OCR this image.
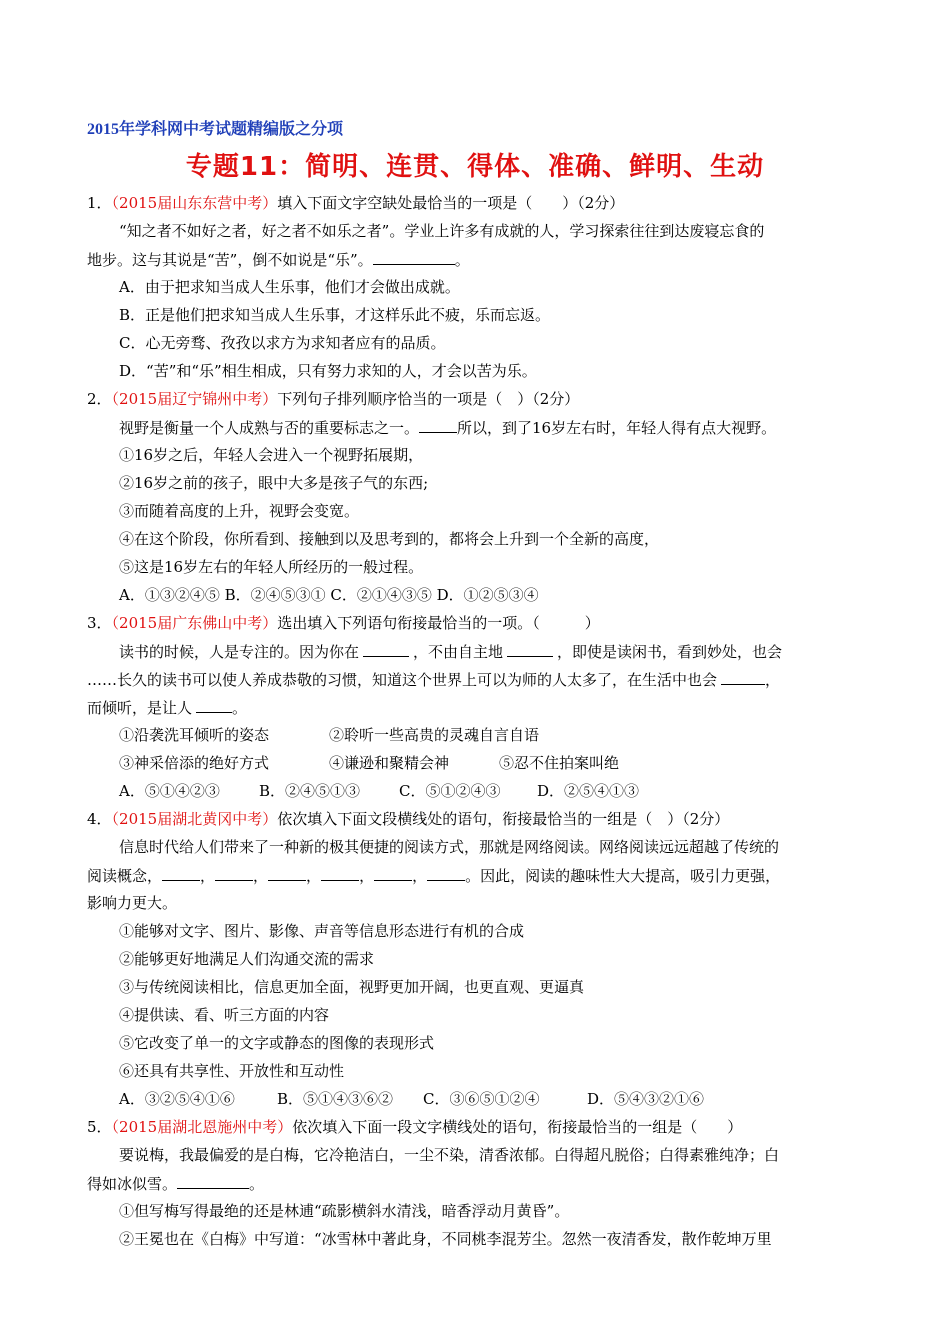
2015年学科网中考试题精编版之分项
专题11：简明、连贯、得体、准确、鲜明、生动
1．（2015届山东东营中考）填入下面文字空缺处最恰当的一项是（　　）（2分）
“知之者不如好之者，好之者不如乐之者”。学业上许多有成就的人，学习探索往往到达废寝忘食的
地步。这与其说是“苦”，倒不如说是“乐”。	。
A．由于把求知当成人生乐事，他们才会做出成就。
B．正是他们把求知当成人生乐事，才这样乐此不疲，乐而忘返。
C．心无旁骛、孜孜以求方为求知者应有的品质。
D．“苦”和“乐”相生相成，只有努力求知的人，才会以苦为乐。
2．（2015届辽宁锦州中考）下列句子排列顺序恰当的一项是（　）（2分）
视野是衡量一个人成熟与否的重要标志之一。	所以，到了16岁左右时，年轻人得有点大视野。
①16岁之后，年轻人会进入一个视野拓展期，
②16岁之前的孩子，眼中大多是孩子气的东西;
③而随着高度的上升，视野会变宽。
④在这个阶段，你所看到、接触到以及思考到的，都将会上升到一个全新的高度，
⑤这是16岁左右的年轻人所经历的一般过程。
A．①③②④⑤ B．②④⑤③① C．②①④③⑤ D．①②⑤③④
3．（2015届广东佛山中考）选出填入下列语句衔接最恰当的一项。（　　　）
读书的时候，人是专注的。因为你在	，不由自主地	，即使是读闲书，看到妙处，也会
……长久的读书可以使人养成恭敬的习惯，知道这个世界上可以为师的人太多了，在生活中也会	，
而倾听，是让人	。
①沿袭洗耳倾听的姿态	②聆听一些高贵的灵魂自言自语
③神采倍添的绝好方式	④谦逊和聚精会神	⑤忍不住拍案叫绝
A．⑤①④②③	B．②④⑤①③	C．⑤①②④③ D．②⑤④①③
4．（2015届湖北黄冈中考）依次填入下面文段横线处的语句，衔接最恰当的一组是（　）（2分）
信息时代给人们带来了一种新的极其便捷的阅读方式，那就是网络阅读。网络阅读远远超越了传统的
阅读概念，	，	，	，	，	，	。因此，阅读的趣味性大大提高，吸引力更强，
影响力更大。
①能够对文字、图片、影像、声音等信息形态进行有机的合成
②能够更好地满足人们沟通交流的需求
③与传统阅读相比，信息更加全面，视野更加开阔，也更直观、更逼真
④提供读、看、听三方面的内容
⑤它改变了单一的文字或静态的图像的表现形式
⑥还具有共享性、开放性和互动性
A．③②⑤④①⑥	B．⑤①④③⑥② C．③⑥⑤①②④	D．⑤④③②①⑥
5．（2015届湖北恩施州中考）依次填入下面一段文字横线处的语句，衔接最恰当的一组是（　　）
要说梅，我最偏爱的是白梅，它冷艳洁白，一尘不染，清香浓郁。白得超凡脱俗；白得素雅纯净；白
得如冰似雪。	。
①但写梅写得最绝的还是林逋“疏影横斜水清浅，暗香浮动月黄昏”。
②王冕也在《白梅》中写道：“冰雪林中著此身，不同桃李混芳尘。忽然一夜清香发，散作乾坤万里
